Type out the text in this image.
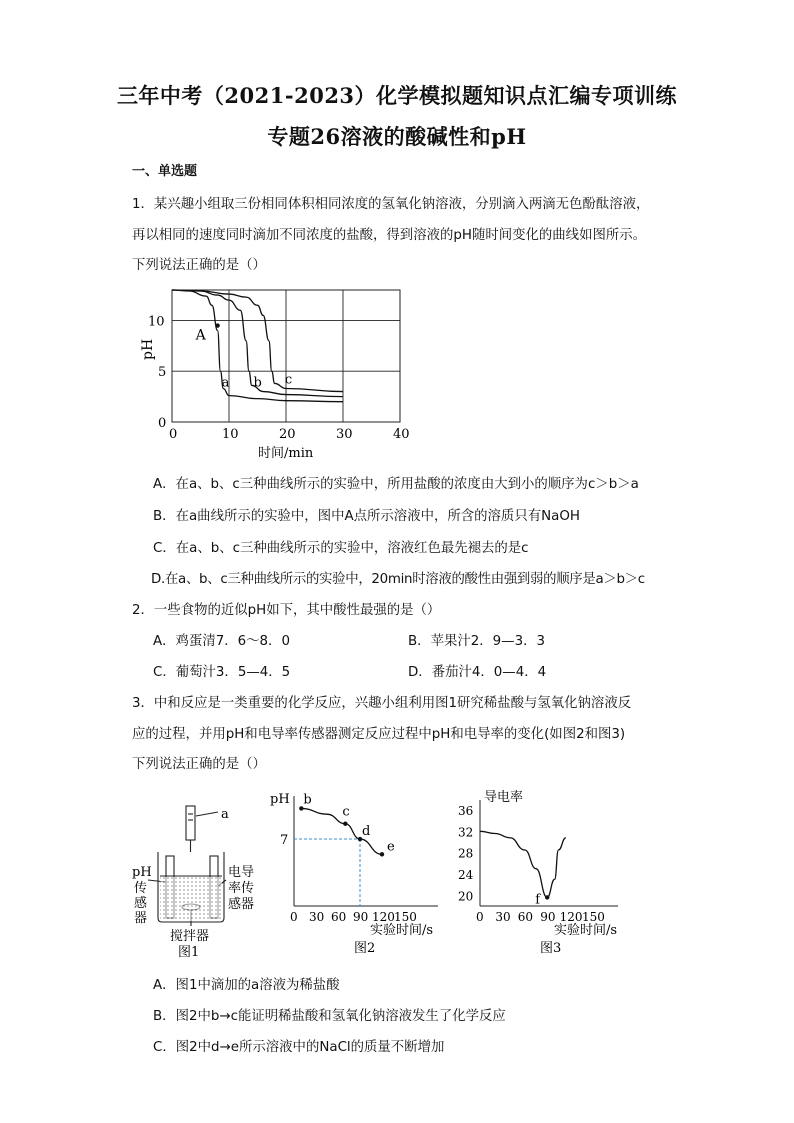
三年中考（2021-2023）化学模拟题知识点汇编专项训练
专题26溶液的酸碱性和pH
一、单选题
1．某兴趣小组取三份相同体积相同浓度的氢氧化钠溶液，分别滴入两滴无色酚酞溶液，
再以相同的速度同时滴加不同浓度的盐酸，得到溶液的pH随时间变化的曲线如图所示。
下列说法正确的是（）
0	10	20	30	40
0
5
10
A
a b c
pH
时间/min
A．在a、b、c三种曲线所示的实验中，所用盐酸的浓度由大到小的顺序为c＞b＞a
B．在a曲线所示的实验中，图中A点所示溶液中，所含的溶质只有NaOH
C．在a、b、c三种曲线所示的实验中，溶液红色最先褪去的是c
D.在a、b、c三种曲线所示的实验中，20min时溶液的酸性由强到弱的顺序是a＞b＞c
2．一些食物的近似pH如下，其中酸性最强的是（）
A．鸡蛋清7．6～8．0	B．苹果汁2．9—3．3
C．葡萄汁3．5—4．5	D．番茄汁4．0—4．4
3．中和反应是一类重要的化学反应，兴趣小组利用图1研究稀盐酸与氢氧化钠溶液反
应的过程，并用pH和电导率传感器测定反应过程中pH和电导率的变化(如图2和图3)
下列说法正确的是（）
a
pH
传
感
器
电导
率传
感器
搅拌器
图1
0 30 60 90 120 150
7
b
c
d
e
pH
实验时间/s
图2
36
32
28
24
20
0 30 60 90 120 150
f
导电率
实验时间/s
图3
A．图1中滴加的a溶液为稀盐酸
B．图2中b→c能证明稀盐酸和氢氧化钠溶液发生了化学反应
C．图2中d→e所示溶液中的NaCl的质量不断增加
